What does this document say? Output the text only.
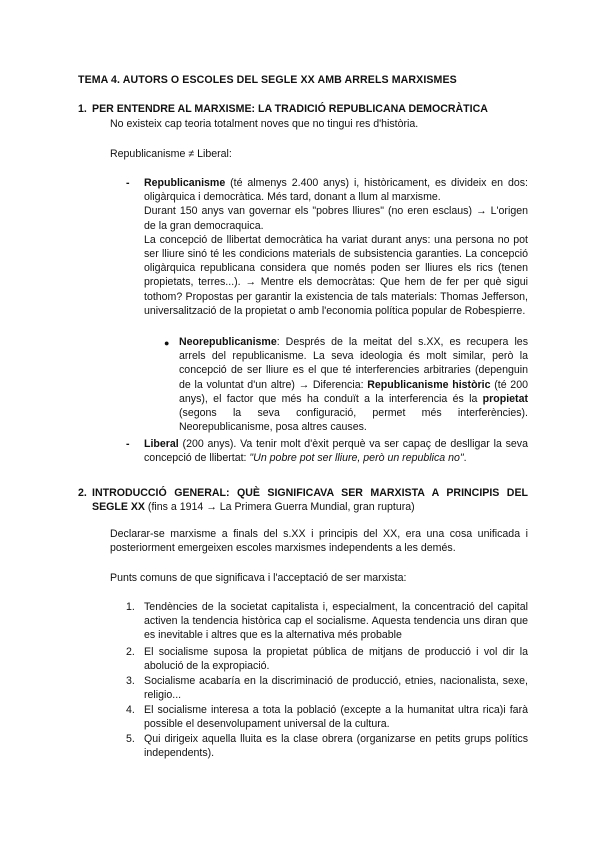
TEMA 4. AUTORS O ESCOLES DEL SEGLE XX AMB ARRELS MARXISMES
1. PER ENTENDRE AL MARXISME: LA TRADICIÓ REPUBLICANA DEMOCRÀTICA
No existeix cap teoria totalment noves que no tingui res d'història.
Republicanisme ≠ Liberal:
- Republicanisme (té almenys 2.400 anys) i, històricament, es divideix en dos: oligàrquica i democràtica. Més tard, donant a llum al marxisme.
Durant 150 anys van governar els "pobres lliures" (no eren esclaus) → L'origen de la gran democraquica.
La concepció de llibertat democràtica ha variat durant anys: una persona no pot ser lliure sinó té les condicions materials de subsistencia garanties. La concepció oligàrquica republicana considera que només poden ser lliures els rics (tenen propietats, terres...). → Mentre els democràtas: Que hem de fer per què sigui tothom? Propostas per garantir la existencia de tals materials: Thomas Jefferson, universalització de la propietat o amb l'economia política popular de Robespierre.
● Neorepublicanisme: Després de la meitat del s.XX, es recupera les arrels del republicanisme. La seva ideologia és molt similar, però la concepció de ser lliure es el que té interferencies arbitraries (depenguin de la voluntat d'un altre) → Diferencia: Republicanisme històric (té 200 anys), el factor que més ha conduït a la interferencia és la propietat (segons la seva configuració, permet més interferències). Neorepublicanisme, posa altres causes.
- Liberal (200 anys). Va tenir molt d'èxit perquè va ser capaç de deslligar la seva concepció de llibertat: "Un pobre pot ser lliure, però un republica no".
2. INTRODUCCIÓ GENERAL: QUÈ SIGNIFICAVA SER MARXISTA A PRINCIPIS DEL SEGLE XX (fins a 1914 → La Primera Guerra Mundial, gran ruptura)
Declarar-se marxisme a finals del s.XX i principis del XX, era una cosa unificada i posteriorment emergeixen escoles marxismes independents a les demés.
Punts comuns de que significava i l'acceptació de ser marxista:
1. Tendències de la societat capitalista i, especialment, la concentració del capital activen la tendencia històrica cap el socialisme. Aquesta tendencia uns diran que es inevitable i altres que es la alternativa més probable
2. El socialisme suposa la propietat pública de mitjans de producció i vol dir la abolució de la expropiació.
3. Socialisme acabaría en la discriminació de producció, etnies, nacionalista, sexe, religio...
4. El socialisme interesa a tota la població (excepte a la humanitat ultra rica)i farà possible el desenvolupament universal de la cultura.
5. Qui dirigeix aquella lluita es la clase obrera (organizarse en petits grups polítics independents).
